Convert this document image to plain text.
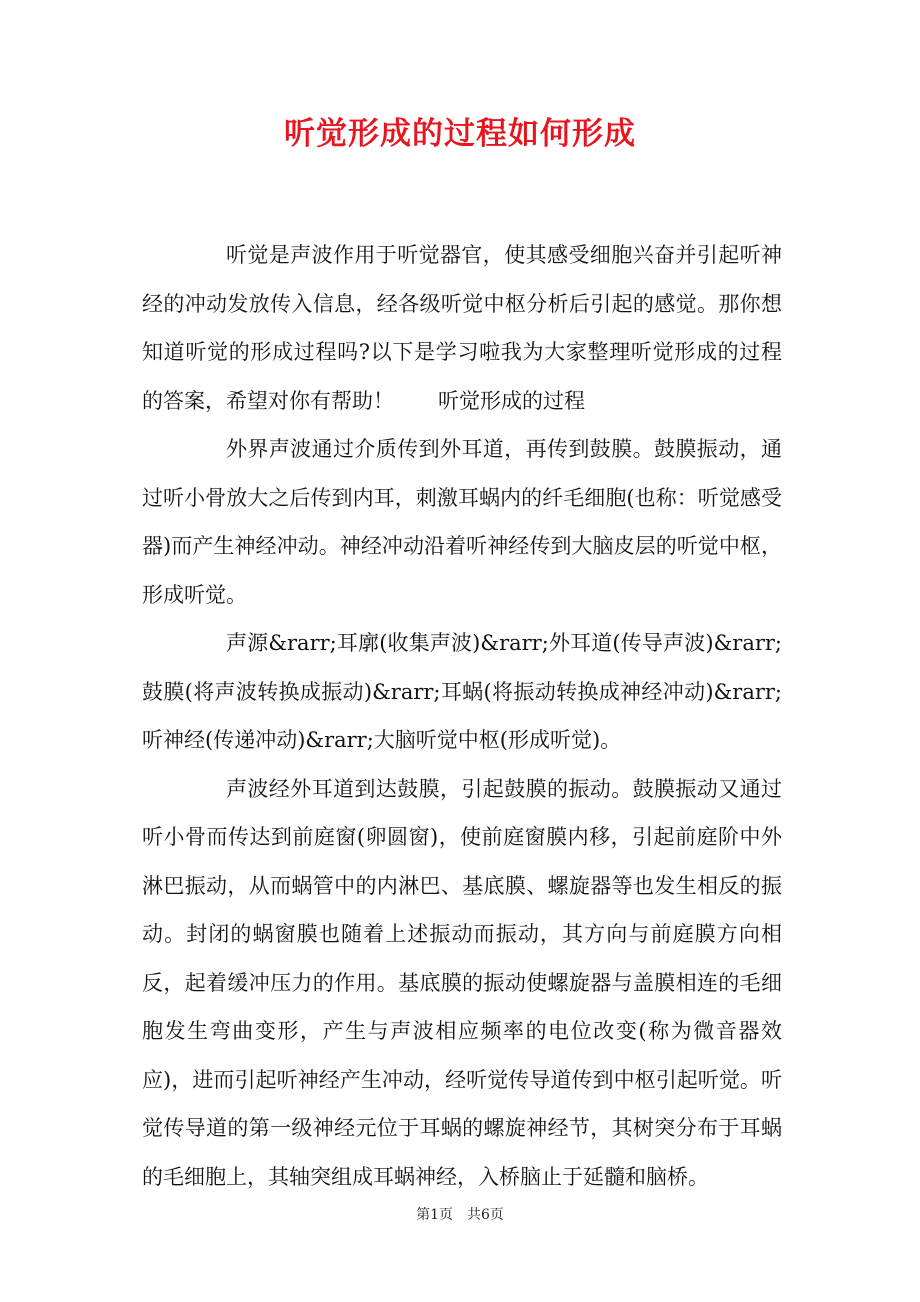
听觉形成的过程如何形成

听觉是声波作用于听觉器官，使其感受细胞兴奋并引起听神经的冲动发放传入信息，经各级听觉中枢分析后引起的感觉。那你想知道听觉的形成过程吗?以下是学习啦我为大家整理听觉形成的过程的答案，希望对你有帮助！ 听觉形成的过程

外界声波通过介质传到外耳道，再传到鼓膜。鼓膜振动，通过听小骨放大之后传到内耳，刺激耳蜗内的纤毛细胞(也称：听觉感受器)而产生神经冲动。神经冲动沿着听神经传到大脑皮层的听觉中枢，形成听觉。

声源&rarr;耳廓(收集声波)&rarr;外耳道(传导声波)&rarr;鼓膜(将声波转换成振动)&rarr;耳蜗(将振动转换成神经冲动)&rarr;听神经(传递冲动)&rarr;大脑听觉中枢(形成听觉)。

声波经外耳道到达鼓膜，引起鼓膜的振动。鼓膜振动又通过听小骨而传达到前庭窗(卵圆窗)，使前庭窗膜内移，引起前庭阶中外淋巴振动，从而蜗管中的内淋巴、基底膜、螺旋器等也发生相反的振动。封闭的蜗窗膜也随着上述振动而振动，其方向与前庭膜方向相反，起着缓冲压力的作用。基底膜的振动使螺旋器与盖膜相连的毛细胞发生弯曲变形，产生与声波相应频率的电位改变(称为微音器效应)，进而引起听神经产生冲动，经听觉传导道传到中枢引起听觉。听觉传导道的第一级神经元位于耳蜗的螺旋神经节，其树突分布于耳蜗的毛细胞上，其轴突组成耳蜗神经，入桥脑止于延髓和脑桥。

第1页 共6页
